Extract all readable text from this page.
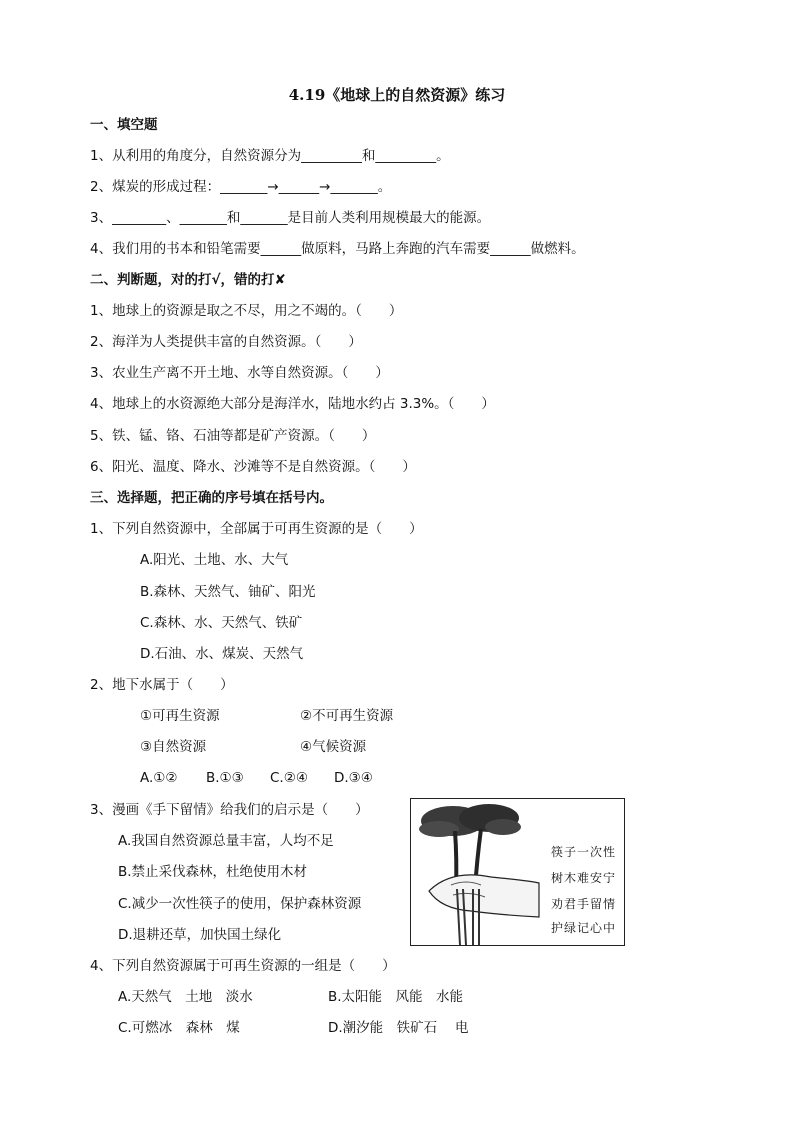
4.19《地球上的自然资源》练习
一、填空题
1、从利用的角度分，自然资源分为_________和_________。
2、煤炭的形成过程：_______→______→_______。
3、________、_______和_______是目前人类利用规模最大的能源。
4、我们用的书本和铅笔需要______做原料，马路上奔跑的汽车需要______做燃料。
二、判断题，对的打√，错的打✘
1、地球上的资源是取之不尽，用之不竭的。（　　）
2、海洋为人类提供丰富的自然资源。（　　）
3、农业生产离不开土地、水等自然资源。（　　）
4、地球上的水资源绝大部分是海洋水，陆地水约占 3.3%。（　　）
5、铁、锰、铬、石油等都是矿产资源。（　　）
6、阳光、温度、降水、沙滩等不是自然资源。（　　）
三、选择题，把正确的序号填在括号内。
1、下列自然资源中，全部属于可再生资源的是（　　）
A.阳光、土地、水、大气
B.森林、天然气、铀矿、阳光
C.森林、水、天然气、铁矿
D.石油、水、煤炭、天然气
2、地下水属于（　　）
①可再生资源	②不可再生资源
③自然资源	④气候资源
A.①② B.①③ C.②④ D.③④
3、漫画《手下留情》给我们的启示是（　　）
A.我国自然资源总量丰富，人均不足
B.禁止采伐森林，杜绝使用木材
C.减少一次性筷子的使用，保护森林资源
D.退耕还草，加快国土绿化
筷子一次性
树木难安宁
劝君手留情
护绿记心中
4、下列自然资源属于可再生资源的一组是（　　）
A.天然气　土地　淡水	B.太阳能　风能　水能
C.可燃冰　森林　煤	D.潮汐能　铁矿石　 电
